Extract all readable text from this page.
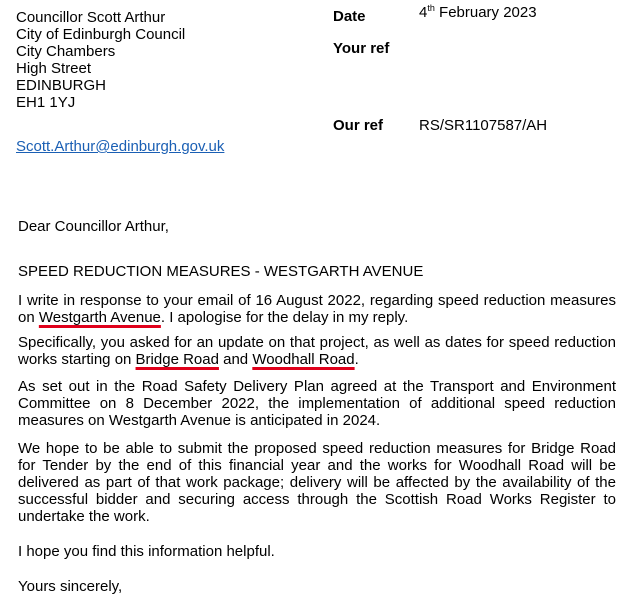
Councillor Scott Arthur
City of Edinburgh Council
City Chambers
High Street
EDINBURGH
EH1 1YJ
Scott.Arthur@edinburgh.gov.uk
Date	4th February 2023
Your ref
Our ref RS/SR1107587/AH
Dear Councillor Arthur,
SPEED REDUCTION MEASURES - WESTGARTH AVENUE
I write in response to your email of 16 August 2022, regarding speed reduction measures on Westgarth Avenue. I apologise for the delay in my reply.
Specifically, you asked for an update on that project, as well as dates for speed reduction works starting on Bridge Road and Woodhall Road.
As set out in the Road Safety Delivery Plan agreed at the Transport and Environment Committee on 8 December 2022, the implementation of additional speed reduction measures on Westgarth Avenue is anticipated in 2024.
We hope to be able to submit the proposed speed reduction measures for Bridge Road for Tender by the end of this financial year and the works for Woodhall Road will be delivered as part of that work package; delivery will be affected by the availability of the successful bidder and securing access through the Scottish Road Works Register to undertake the work.
I hope you find this information helpful.
Yours sincerely,
